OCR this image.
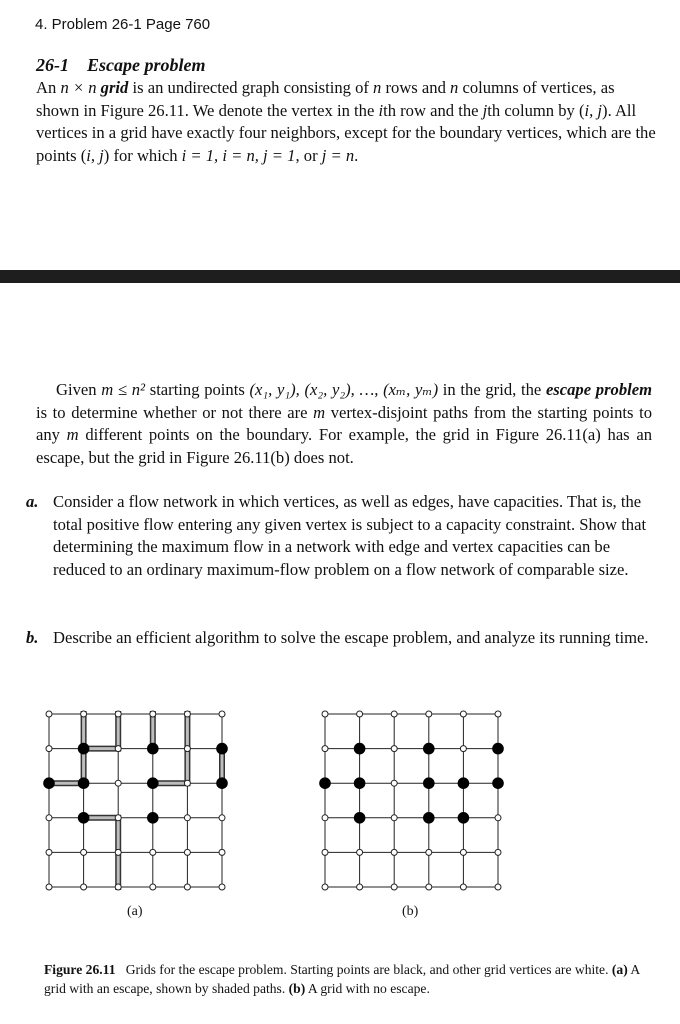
4. Problem 26-1 Page 760
26-1 Escape problem
An n × n grid is an undirected graph consisting of n rows and n columns of vertices, as shown in Figure 26.11. We denote the vertex in the ith row and the jth column by (i, j). All vertices in a grid have exactly four neighbors, except for the boundary vertices, which are the points (i, j) for which i = 1, i = n, j = 1, or j = n.
Given m ≤ n² starting points (x₁, y₁), (x₂, y₂), …, (xₘ, yₘ) in the grid, the escape problem is to determine whether or not there are m vertex-disjoint paths from the starting points to any m different points on the boundary. For example, the grid in Figure 26.11(a) has an escape, but the grid in Figure 26.11(b) does not.
a. Consider a flow network in which vertices, as well as edges, have capacities. That is, the total positive flow entering any given vertex is subject to a capacity constraint. Show that determining the maximum flow in a network with edge and vertex capacities can be reduced to an ordinary maximum-flow problem on a flow network of comparable size.
b. Describe an efficient algorithm to solve the escape problem, and analyze its running time.
(a)	(b)
Figure 26.11 Grids for the escape problem. Starting points are black, and other grid vertices are white. (a) A grid with an escape, shown by shaded paths. (b) A grid with no escape.
